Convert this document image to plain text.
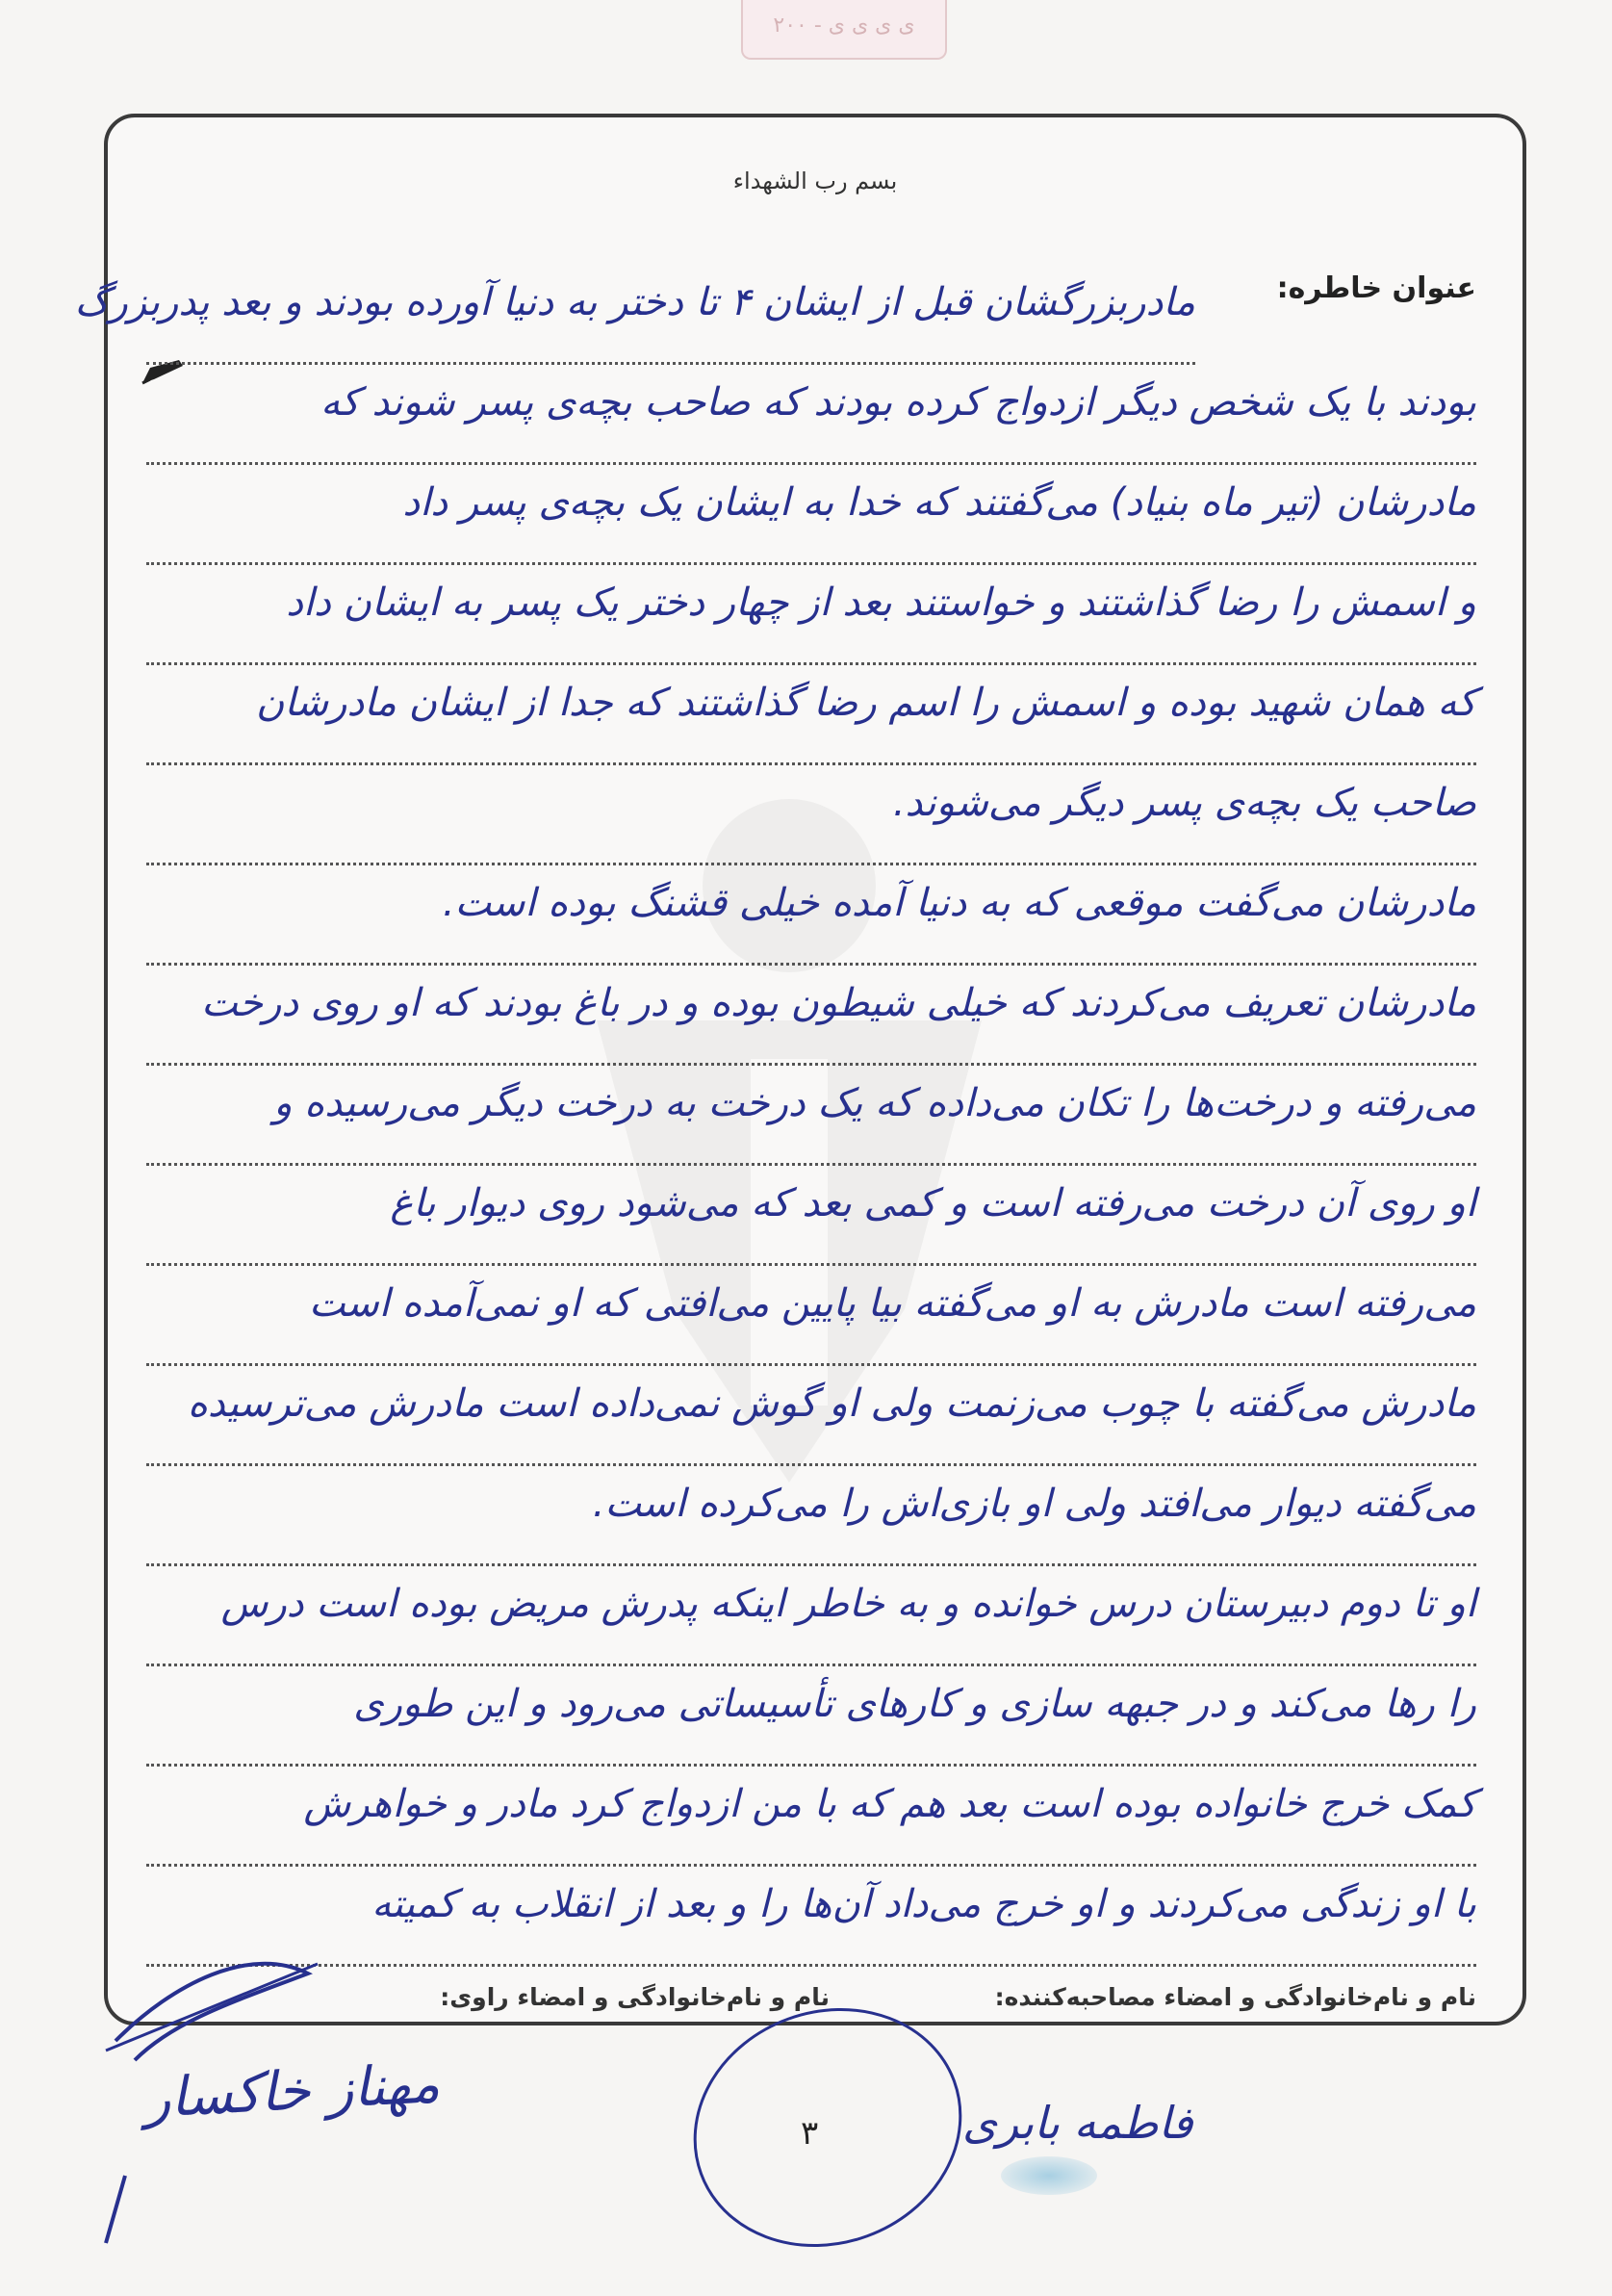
۲۰۰ - ی ی ی ی
بسم رب الشهداء
عنوان خاطره:
مادربزرگشان قبل از ایشان ۴ تا دختر به دنیا آورده بودند و بعد پدربزرگ
بودند با یک شخص دیگر ازدواج کرده بودند که صاحب بچه‌ی پسر شوند که
مادرشان (تیر ماه بنیاد) می‌گفتند که خدا به ایشان یک بچه‌ی پسر داد
و اسمش را رضا گذاشتند و خواستند بعد از چهار دختر یک پسر به ایشان داد
که همان شهید بوده و اسمش را اسم رضا گذاشتند که جدا از ایشان مادرشان
صاحب یک بچه‌ی پسر دیگر می‌شوند.
مادرشان می‌گفت موقعی که به دنیا آمده خیلی قشنگ بوده است.
مادرشان تعریف می‌کردند که خیلی شیطون بوده و در باغ بودند که او روی درخت
می‌رفته و درخت‌ها را تکان می‌داده که یک درخت به درخت دیگر می‌رسیده و
او روی آن درخت می‌رفته است و کمی بعد که می‌شود روی دیوار باغ
می‌رفته است مادرش به او می‌گفته بیا پایین می‌افتی که او نمی‌آمده است
مادرش می‌گفته با چوب می‌زنمت ولی او گوش نمی‌داده است مادرش می‌ترسیده
می‌گفته دیوار می‌افتد ولی او بازی‌اش را می‌کرده است.
او تا دوم دبیرستان درس خوانده و به خاطر اینکه پدرش مریض بوده است درس
را رها می‌کند و در جبهه سازی و کارهای تأسیساتی می‌رود و این طوری
کمک خرج خانواده بوده است بعد هم که با من ازدواج کرد مادر و خواهرش
با او زندگی می‌کردند و او خرج می‌داد آن‌ها را و بعد از انقلاب به کمیته
نام و نام‌خانوادگی و امضاء مصاحبه‌کننده:
نام و نام‌خانوادگی و امضاء راوی:
فاطمه بابری
مهناز خاکسار
۳
